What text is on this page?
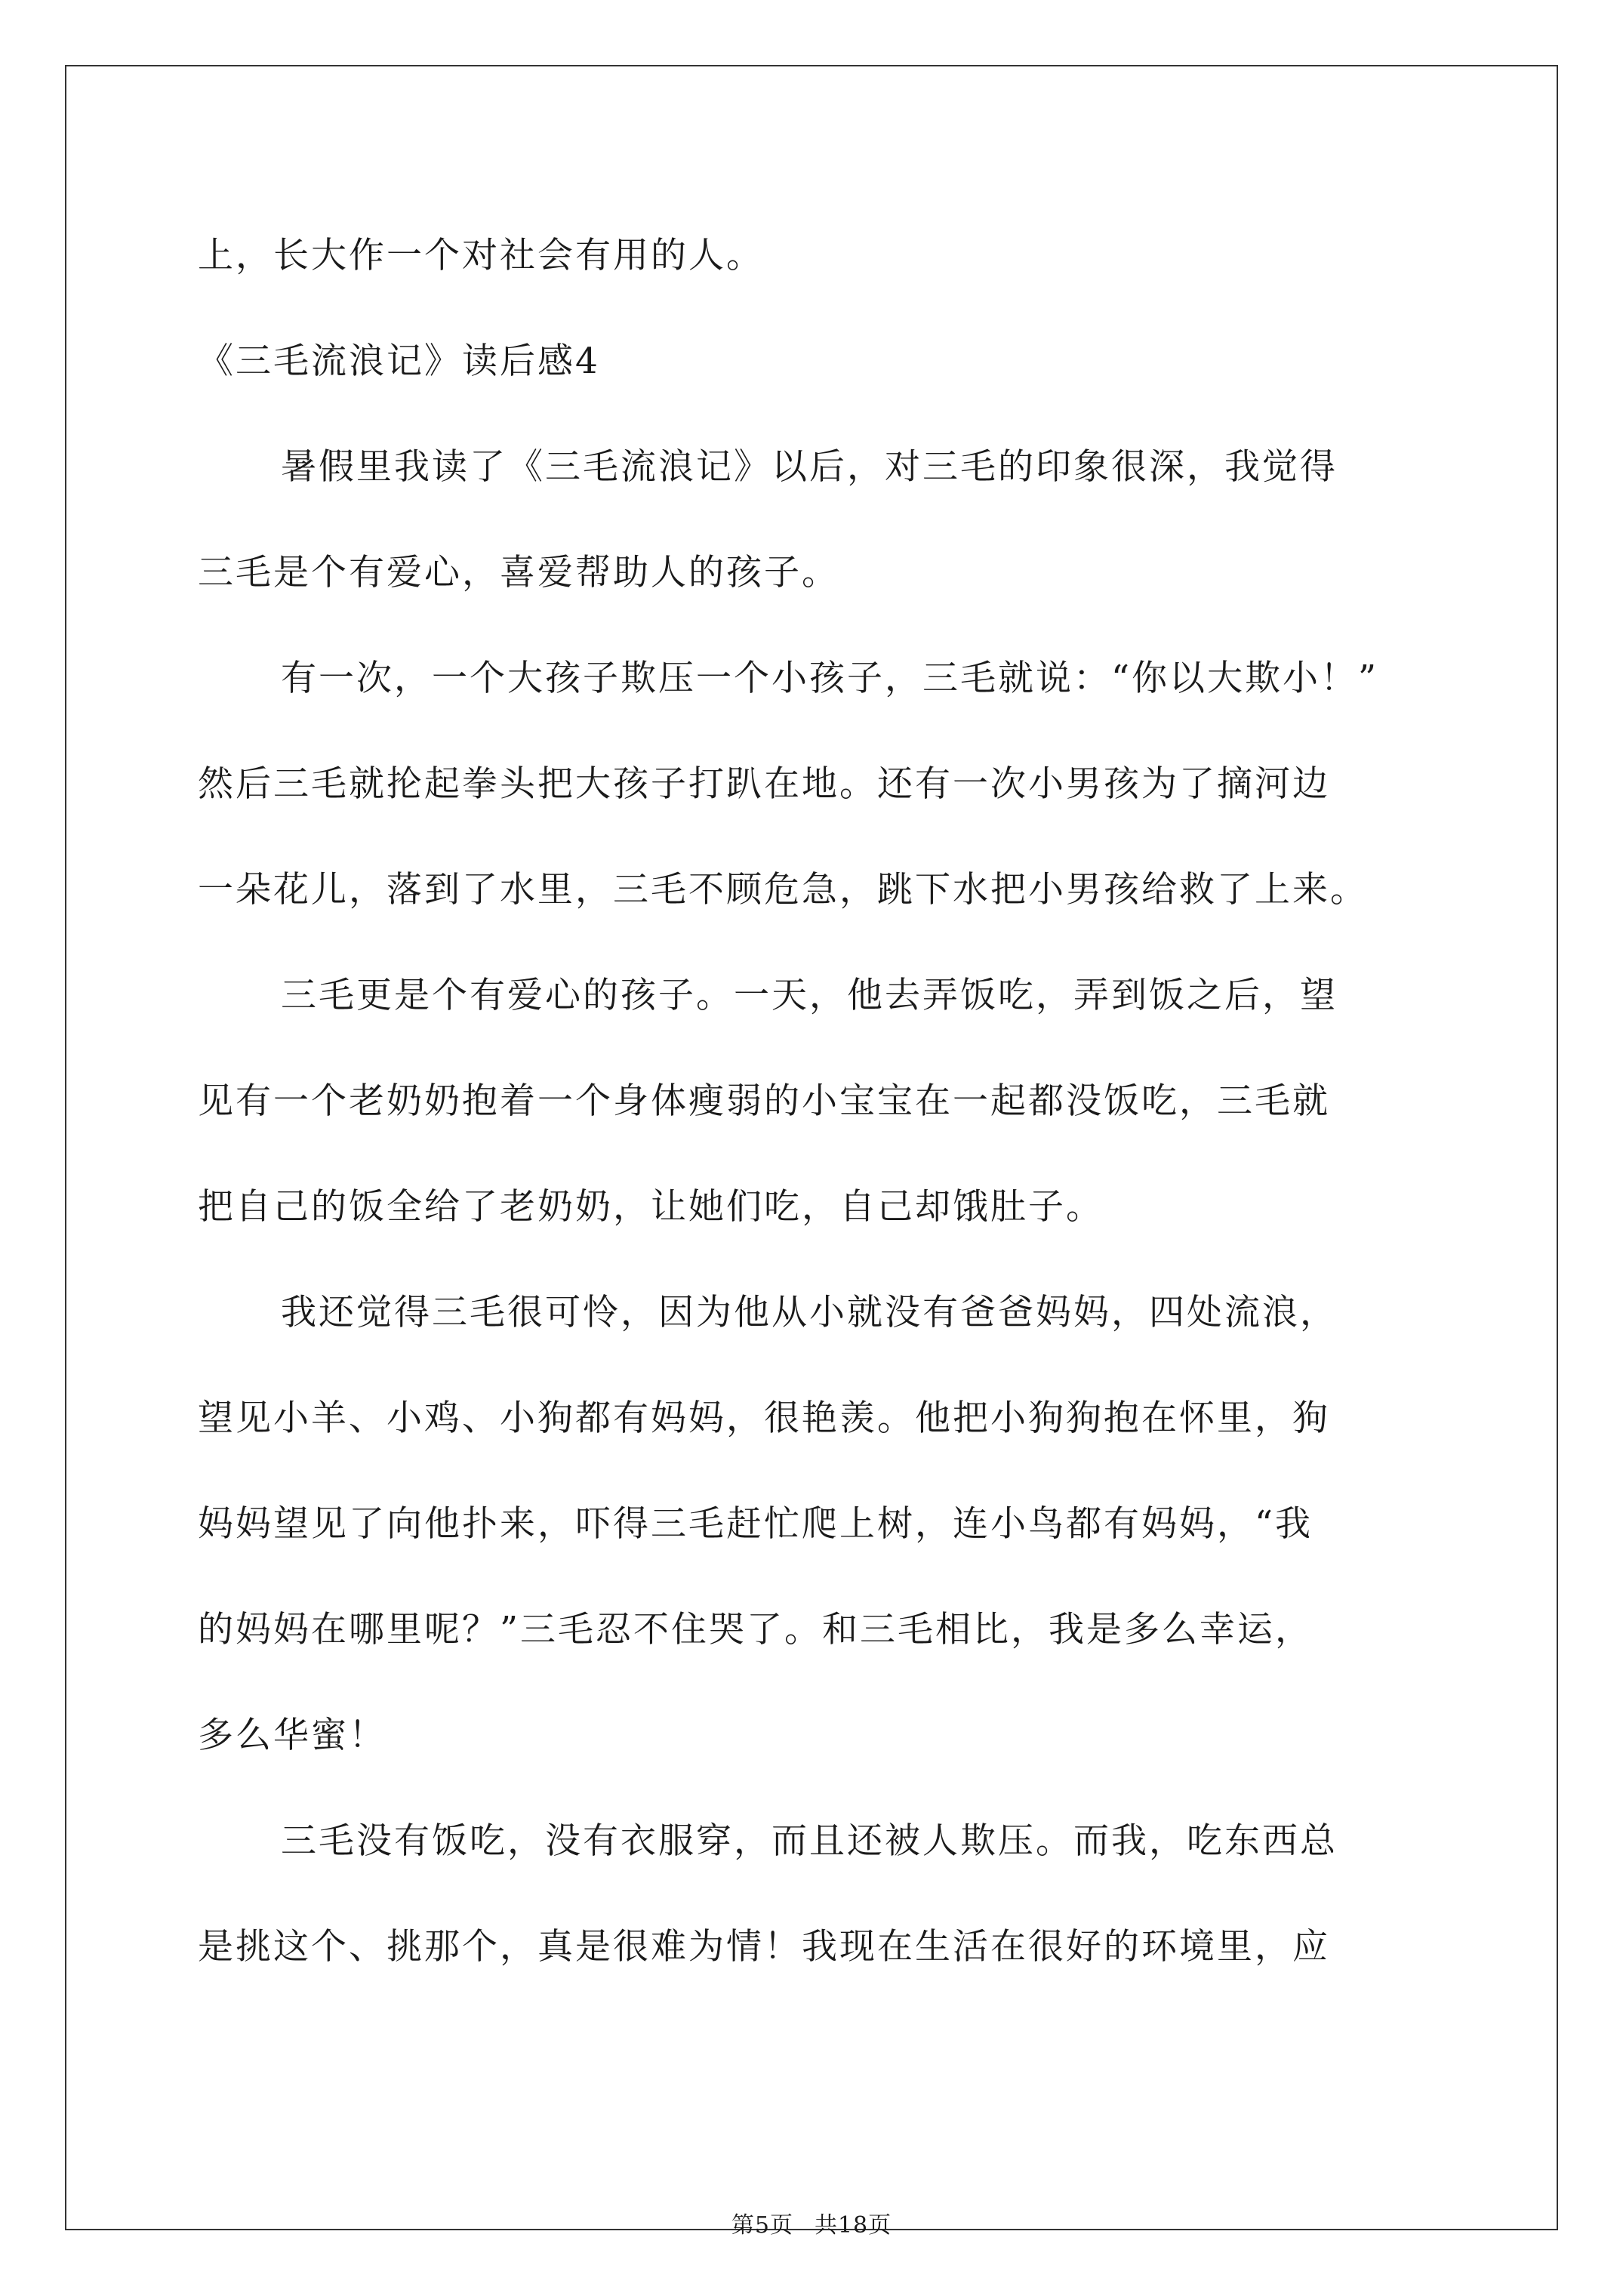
上，长大作一个对社会有用的人。
《三毛流浪记》读后感4
暑假里我读了《三毛流浪记》以后，对三毛的印象很深，我觉得
三毛是个有爱心，喜爱帮助人的孩子。
有一次，一个大孩子欺压一个小孩子，三毛就说：“你以大欺小！”
然后三毛就抡起拳头把大孩子打趴在地。还有一次小男孩为了摘河边
一朵花儿，落到了水里，三毛不顾危急，跳下水把小男孩给救了上来。
三毛更是个有爱心的孩子。一天，他去弄饭吃，弄到饭之后，望
见有一个老奶奶抱着一个身体瘦弱的小宝宝在一起都没饭吃，三毛就
把自己的饭全给了老奶奶，让她们吃，自己却饿肚子。
我还觉得三毛很可怜，因为他从小就没有爸爸妈妈，四处流浪，
望见小羊、小鸡、小狗都有妈妈，很艳羡。他把小狗狗抱在怀里，狗
妈妈望见了向他扑来，吓得三毛赶忙爬上树，连小鸟都有妈妈，“我
的妈妈在哪里呢？”三毛忍不住哭了。和三毛相比，我是多么幸运，
多么华蜜！
三毛没有饭吃，没有衣服穿，而且还被人欺压。而我，吃东西总
是挑这个、挑那个，真是很难为情！我现在生活在很好的环境里，应
第5页 共18页
